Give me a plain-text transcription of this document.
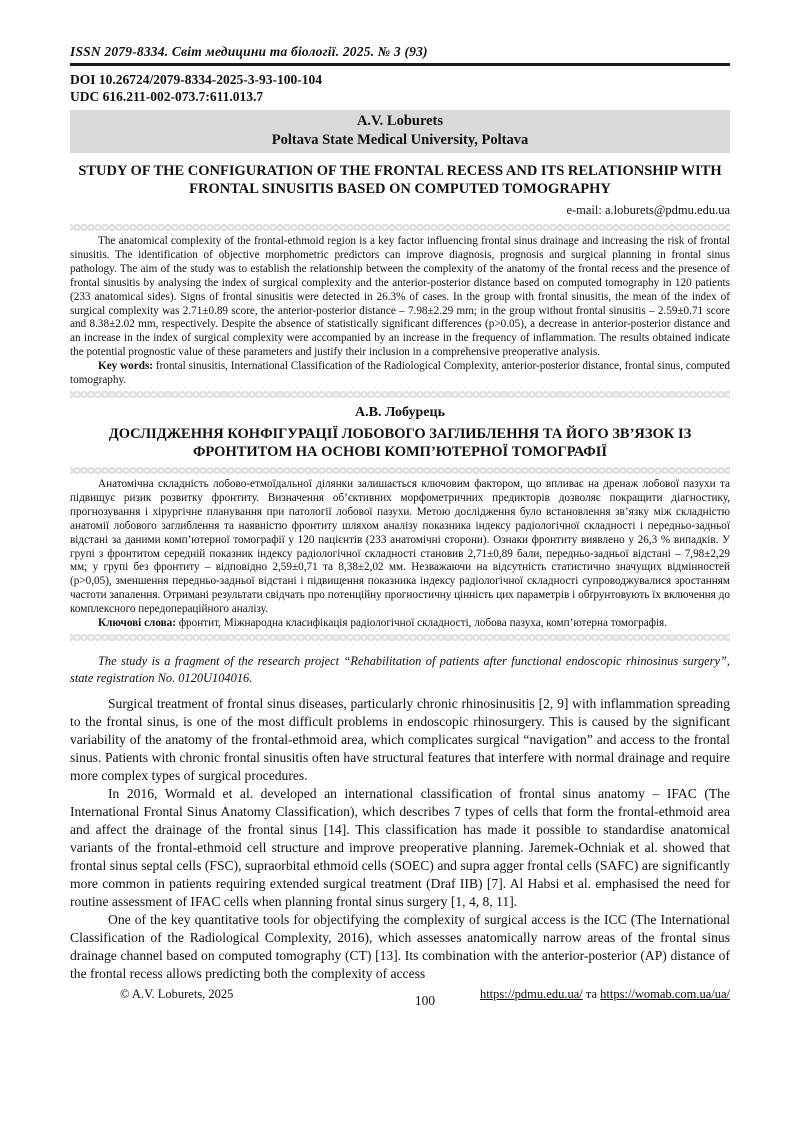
ISSN 2079-8334. Світ медицини та біології. 2025. № 3 (93)
DOI 10.26724/2079-8334-2025-3-93-100-104
UDC 616.211-002-073.7:611.013.7
A.V. Loburets
Poltava State Medical University, Poltava
STUDY OF THE CONFIGURATION OF THE FRONTAL RECESS AND ITS RELATIONSHIP WITH FRONTAL SINUSITIS BASED ON COMPUTED TOMOGRAPHY
e-mail: a.loburets@pdmu.edu.ua

The anatomical complexity of the frontal-ethmoid region is a key factor influencing frontal sinus drainage and increasing the risk of frontal sinusitis. The identification of objective morphometric predictors can improve diagnosis, prognosis and surgical planning in frontal sinus pathology. The aim of the study was to establish the relationship between the complexity of the anatomy of the frontal recess and the presence of frontal sinusitis by analysing the index of surgical complexity and the anterior-posterior distance based on computed tomography in 120 patients (233 anatomical sides). Signs of frontal sinusitis were detected in 26.3% of cases. In the group with frontal sinusitis, the mean of the index of surgical complexity was 2.71±0.89 score, the anterior-posterior distance – 7.98±2.29 mm; in the group without frontal sinusitis – 2.59±0.71 score and 8.38±2.02 mm, respectively. Despite the absence of statistically significant differences (p>0.05), a decrease in anterior-posterior distance and an increase in the index of surgical complexity were accompanied by an increase in the frequency of inflammation. The results obtained indicate the potential prognostic value of these parameters and justify their inclusion in a comprehensive preoperative analysis.

Key words: frontal sinusitis, International Classification of the Radiological Complexity, anterior-posterior distance, frontal sinus, computed tomography.

А.В. Лобурець
ДОСЛІДЖЕННЯ КОНФІГУРАЦІЇ ЛОБОВОГО ЗАГЛИБЛЕННЯ ТА ЙОГО ЗВ’ЯЗОК ІЗ ФРОНТИТОМ НА ОСНОВІ КОМП’ЮТЕРНОЇ ТОМОГРАФІЇ

Анатомічна складність лобово-етмоїдальної ділянки залишається ключовим фактором, що впливає на дренаж лобової пазухи та підвищує ризик розвитку фронтиту. Визначення об’єктивних морфометричних предикторів дозволяє покращити діагностику, прогнозування і хірургічне планування при патології лобової пазухи. Метою дослідження було встановлення зв’язку між складністю анатомії лобового заглиблення та наявністю фронтиту шляхом аналізу показника індексу радіологічної складності і передньо-задньої відстані за даними комп’ютерної томографії у 120 пацієнтів (233 анатомічні сторони). Ознаки фронтиту виявлено у 26,3 % випадків. У групі з фронтитом середній показник індексу радіологічної складності становив 2,71±0,89 бали, передньо-задньої відстані – 7,98±2,29 мм; у групі без фронтиту – відповідно 2,59±0,71 та 8,38±2,02 мм. Незважаючи на відсутність статистично значущих відмінностей (p>0,05), зменшення передньо-задньої відстані і підвищення показника індексу радіологічної складності супроводжувалися зростанням частоти запалення. Отримані результати свідчать про потенційну прогностичну цінність цих параметрів і обґрунтовують їх включення до комплексного передопераційного аналізу.

Ключові слова: фронтит, Міжнародна класифікація радіологічної складності, лобова пазуха, комп’ютерна томографія.

The study is a fragment of the research project “Rehabilitation of patients after functional endoscopic rhinosinus surgery”, state registration No. 0120U104016.

Surgical treatment of frontal sinus diseases, particularly chronic rhinosinusitis [2, 9] with inflammation spreading to the frontal sinus, is one of the most difficult problems in endoscopic rhinosurgery. This is caused by the significant variability of the anatomy of the frontal-ethmoid area, which complicates surgical “navigation” and access to the frontal sinus. Patients with chronic frontal sinusitis often have structural features that interfere with normal drainage and require more complex types of surgical procedures.

In 2016, Wormald et al. developed an international classification of frontal sinus anatomy – IFAC (The International Frontal Sinus Anatomy Classification), which describes 7 types of cells that form the frontal-ethmoid area and affect the drainage of the frontal sinus [14]. This classification has made it possible to standardise anatomical variants of the frontal-ethmoid cell structure and improve preoperative planning. Jaremek-Ochniak et al. showed that frontal sinus septal cells (FSC), supraorbital ethmoid cells (SOEC) and supra agger frontal cells (SAFC) are significantly more common in patients requiring extended surgical treatment (Draf IIB) [7]. Al Habsi et al. emphasised the need for routine assessment of IFAC cells when planning frontal sinus surgery [1, 4, 8, 11].

One of the key quantitative tools for objectifying the complexity of surgical access is the ICC (The International Classification of the Radiological Complexity, 2016), which assesses anatomically narrow areas of the frontal sinus drainage channel based on computed tomography (CT) [13]. Its combination with the anterior-posterior (AP) distance of the frontal recess allows predicting both the complexity of access

© A.V. Loburets, 2025	100	https://pdmu.edu.ua/ та https://womab.com.ua/ua/
